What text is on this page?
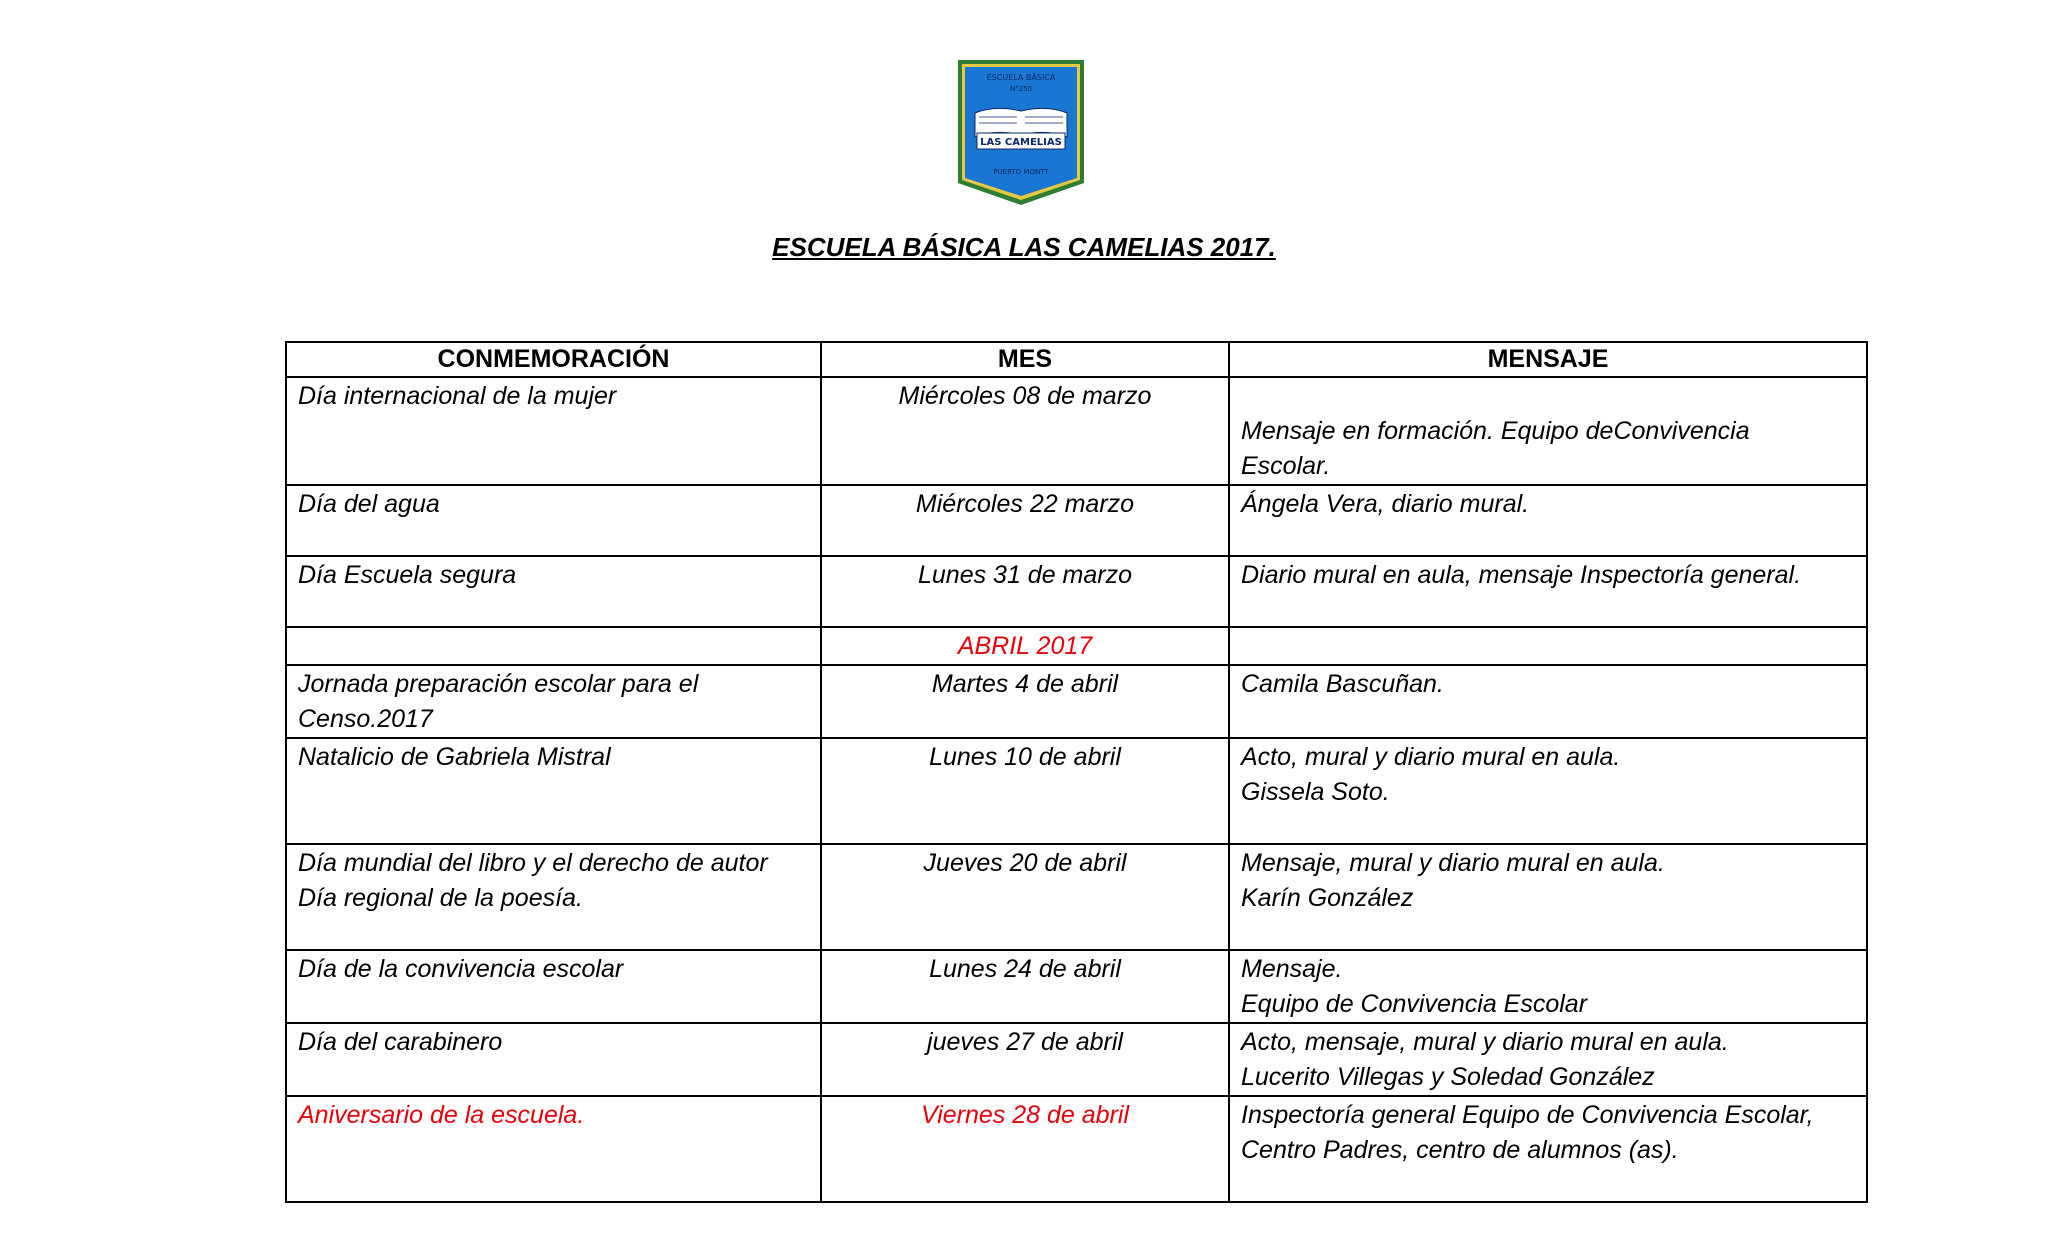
ESCUELA BÁSICA
N°250
LAS CAMELIAS
PUERTO MONTT
ESCUELA BÁSICA LAS CAMELIAS 2017.
CONMEMORACIÓN	MES	MENSAJE

Día internacional de la mujer	Miércoles 08 de marzo	Mensaje en formación. Equipo deConvivencia
Escolar.

Día del agua	Miércoles 22 marzo	Ángela Vera, diario mural.

Día Escuela segura	Lunes 31 de marzo	Diario mural en aula, mensaje Inspectoría general.

	ABRIL 2017	

Jornada preparación escolar para el
Censo.2017	Martes 4 de abril	Camila Bascuñan.

Natalicio de Gabriela Mistral	Lunes 10 de abril	Acto, mural y diario mural en aula.
Gissela Soto.

Día mundial del libro y el derecho de autor
Día regional de la poesía.	Jueves 20 de abril	Mensaje, mural y diario mural en aula.
Karín González

Día de la convivencia escolar	Lunes 24 de abril	Mensaje.
Equipo de Convivencia Escolar

Día del carabinero	jueves 27 de abril	Acto, mensaje, mural y diario mural en aula.
Lucerito Villegas y Soledad González

Aniversario de la escuela.	Viernes 28 de abril	Inspectoría general Equipo de Convivencia Escolar,
Centro Padres, centro de alumnos (as).
